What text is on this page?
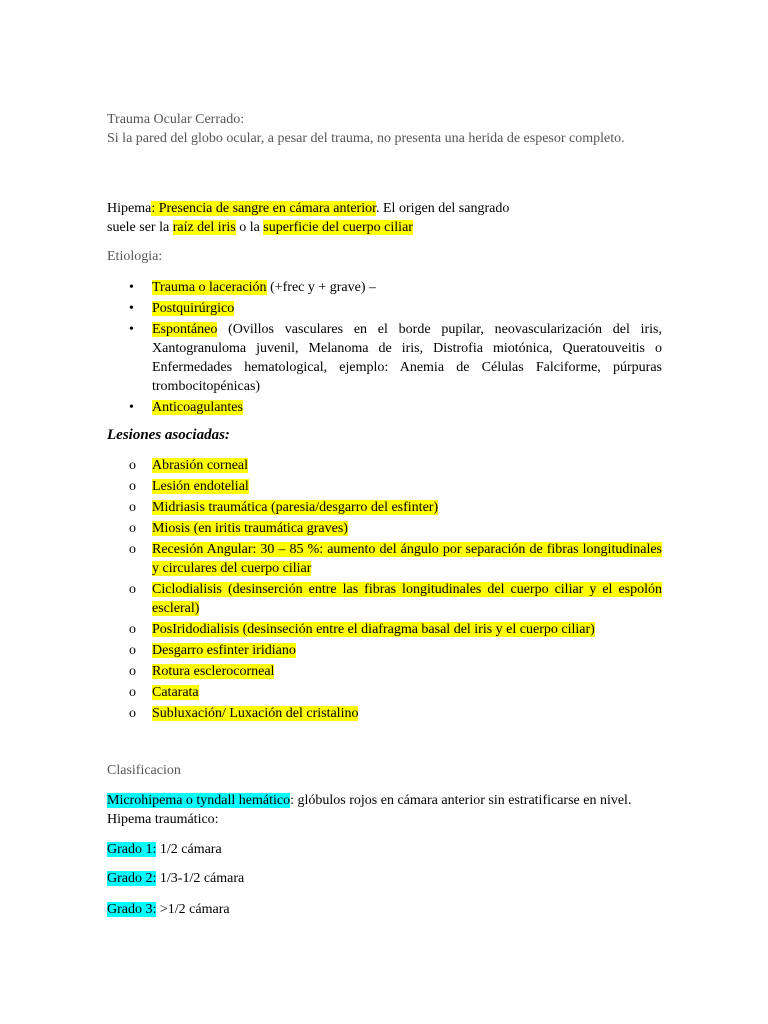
Trauma Ocular Cerrado:
Si la pared del globo ocular, a pesar del trauma, no presenta una herida de espesor completo.
Hipema: Presencia de sangre en cámara anterior. El origen del sangrado
suele ser la raíz del iris o la superficie del cuerpo ciliar
Etiologia:
• Trauma o laceración (+frec y + grave) –
• Postquirúrgico
• Espontáneo (Ovillos vasculares en el borde pupilar, neovascularización del iris, Xantogranuloma juvenil, Melanoma de iris, Distrofia miotónica, Queratouveitis o Enfermedades hematological, ejemplo: Anemia de Células Falciforme, púrpuras trombocitopénicas)
• Anticoagulantes
Lesiones asociadas:
o Abrasión corneal
o Lesión endotelial
o Midriasis traumática (paresia/desgarro del esfinter)
o Miosis (en iritis traumática graves)
o Recesión Angular: 30 – 85 %: aumento del ángulo por separación de fibras longitudinales y circulares del cuerpo ciliar
o Ciclodialisis (desinserción entre las fibras longitudinales del cuerpo ciliar y el espolón escleral)
o PosIridodialisis (desinseción entre el diafragma basal del iris y el cuerpo ciliar)
o Desgarro esfinter iridiano
o Rotura esclerocorneal
o Catarata
o Subluxación/ Luxación del cristalino
Clasificacion
Microhipema o tyndall hemático: glóbulos rojos en cámara anterior sin estratificarse en nivel. Hipema traumático:
Grado 1: 1/2 cámara
Grado 2: 1/3-1/2 cámara
Grado 3: >1/2 cámara
